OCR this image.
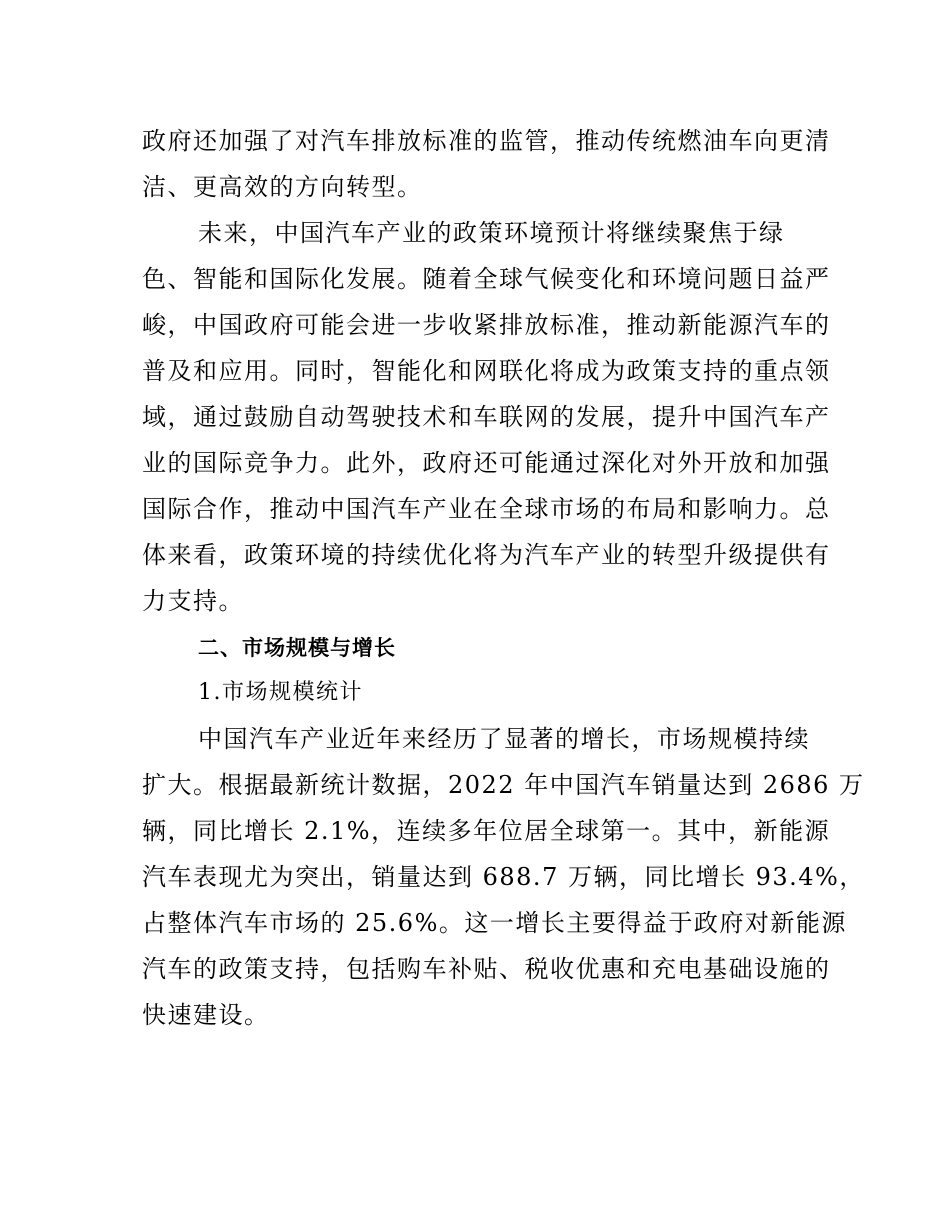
政府还加强了对汽车排放标准的监管，推动传统燃油车向更清
洁、更高效的方向转型。
未来，中国汽车产业的政策环境预计将继续聚焦于绿
色、智能和国际化发展。随着全球气候变化和环境问题日益严
峻，中国政府可能会进一步收紧排放标准，推动新能源汽车的
普及和应用。同时，智能化和网联化将成为政策支持的重点领
域，通过鼓励自动驾驶技术和车联网的发展，提升中国汽车产
业的国际竞争力。此外，政府还可能通过深化对外开放和加强
国际合作，推动中国汽车产业在全球市场的布局和影响力。总
体来看，政策环境的持续优化将为汽车产业的转型升级提供有
力支持。
二、市场规模与增长
1.市场规模统计
中国汽车产业近年来经历了显著的增长，市场规模持续
扩大。根据最新统计数据，2022 年中国汽车销量达到 2686 万
辆，同比增长 2.1%，连续多年位居全球第一。其中，新能源
汽车表现尤为突出，销量达到 688.7 万辆，同比增长 93.4%，
占整体汽车市场的 25.6%。这一增长主要得益于政府对新能源
汽车的政策支持，包括购车补贴、税收优惠和充电基础设施的
快速建设。
